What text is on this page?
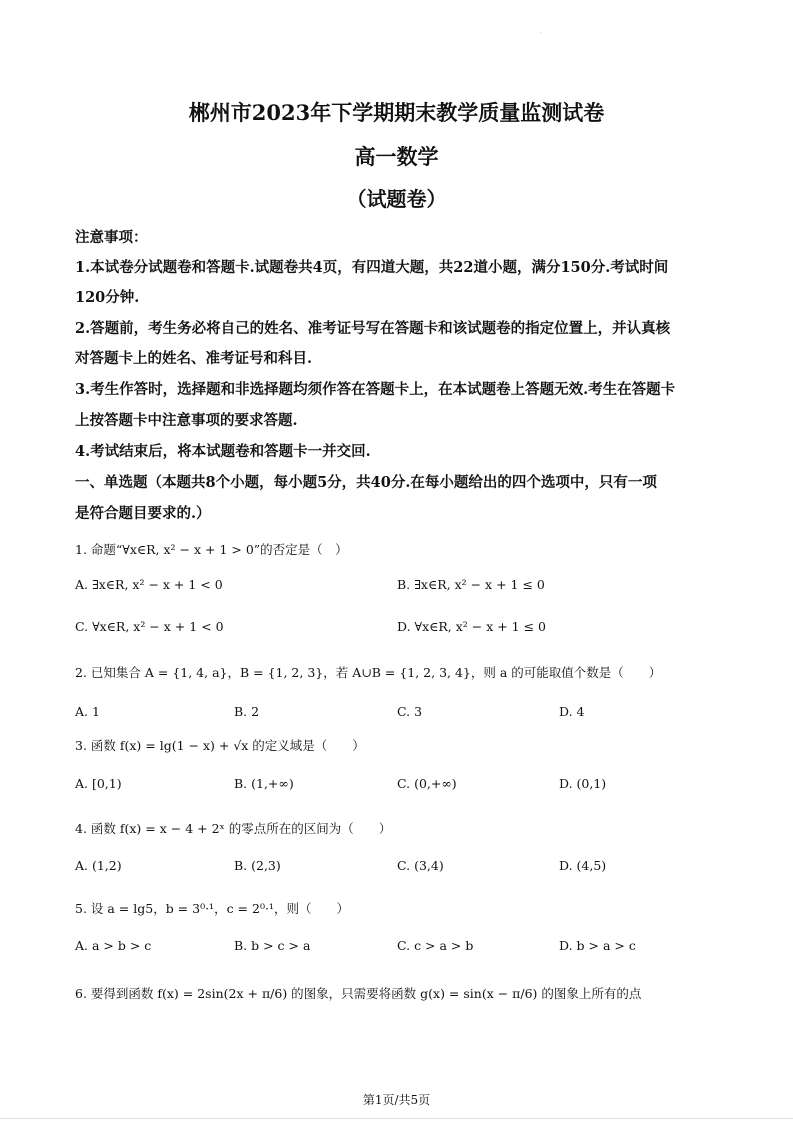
·
郴州市2023年下学期期末教学质量监测试卷
高一数学
（试题卷）
注意事项：
1.本试卷分试题卷和答题卡.试题卷共4页，有四道大题，共22道小题，满分150分.考试时间
120分钟.
2.答题前，考生务必将自己的姓名、准考证号写在答题卡和该试题卷的指定位置上，并认真核
对答题卡上的姓名、准考证号和科目.
3.考生作答时，选择题和非选择题均须作答在答题卡上，在本试题卷上答题无效.考生在答题卡
上按答题卡中注意事项的要求答题.
4.考试结束后，将本试题卷和答题卡一并交回.
一、单选题（本题共8个小题，每小题5分，共40分.在每小题给出的四个选项中，只有一项
是符合题目要求的.）
1. 命题“∀x∈R, x² − x + 1 > 0”的否定是（　）
A. ∃x∈R, x² − x + 1 < 0	B. ∃x∈R, x² − x + 1 ≤ 0
C. ∀x∈R, x² − x + 1 < 0	D. ∀x∈R, x² − x + 1 ≤ 0
2. 已知集合 A = {1, 4, a}，B = {1, 2, 3}，若 A∪B = {1, 2, 3, 4}，则 a 的可能取值个数是（　　）
A. 1	B. 2	C. 3	D. 4
3. 函数 f(x) = lg(1 − x) + √x 的定义域是（　　）
A. [0,1)	B. (1,+∞)	C. (0,+∞)	D. (0,1)
4. 函数 f(x) = x − 4 + 2ˣ 的零点所在的区间为（　　）
A. (1,2)	B. (2,3)	C. (3,4)	D. (4,5)
5. 设 a = lg5，b = 3⁰·¹，c = 2⁰·¹，则（　　）
A. a > b > c	B. b > c > a	C. c > a > b	D. b > a > c
6. 要得到函数 f(x) = 2sin(2x + π/6) 的图象，只需要将函数 g(x) = sin(x − π/6) 的图象上所有的点
第1页/共5页
